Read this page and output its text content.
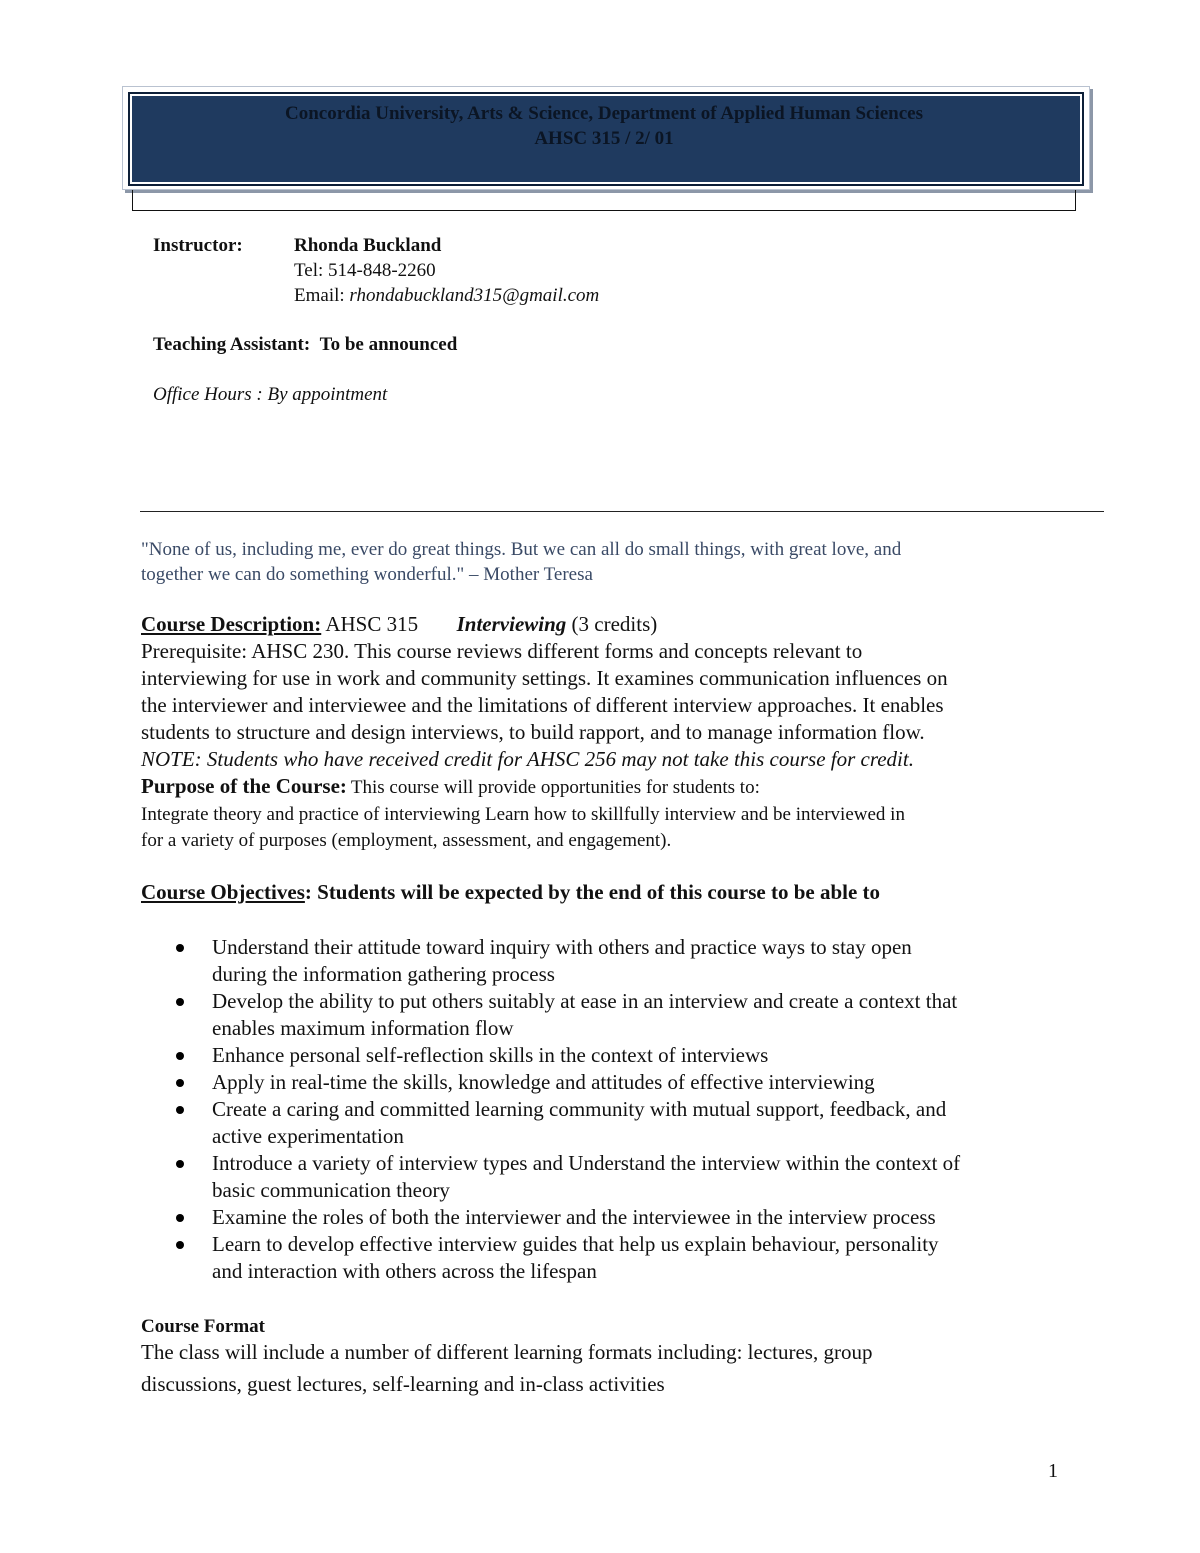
Concordia University, Arts & Science, Department of Applied Human Sciences
AHSC 315 / 2/ 01
Instructor:	Rhonda Buckland
Tel: 514-848-2260
Email: rhondabuckland315@gmail.com
Teaching Assistant: To be announced
Office Hours : By appointment
"None of us, including me, ever do great things. But we can all do small things, with great love, and
together we can do something wonderful." – Mother Teresa
Course Description: AHSC 315 Interviewing (3 credits)
Prerequisite: AHSC 230. This course reviews different forms and concepts relevant to
interviewing for use in work and community settings. It examines communication influences on
the interviewer and interviewee and the limitations of different interview approaches. It enables
students to structure and design interviews, to build rapport, and to manage information flow.
NOTE: Students who have received credit for AHSC 256 may not take this course for credit.
Purpose of the Course: This course will provide opportunities for students to:
Integrate theory and practice of interviewing Learn how to skillfully interview and be interviewed in
for a variety of purposes (employment, assessment, and engagement).
Course Objectives: Students will be expected by the end of this course to be able to
Understand their attitude toward inquiry with others and practice ways to stay open
during the information gathering process
Develop the ability to put others suitably at ease in an interview and create a context that
enables maximum information flow
Enhance personal self-reflection skills in the context of interviews
Apply in real-time the skills, knowledge and attitudes of effective interviewing
Create a caring and committed learning community with mutual support, feedback, and
active experimentation
Introduce a variety of interview types and Understand the interview within the context of
basic communication theory
Examine the roles of both the interviewer and the interviewee in the interview process
Learn to develop effective interview guides that help us explain behaviour, personality
and interaction with others across the lifespan
Course Format
The class will include a number of different learning formats including: lectures, group
discussions, guest lectures, self-learning and in-class activities
1
